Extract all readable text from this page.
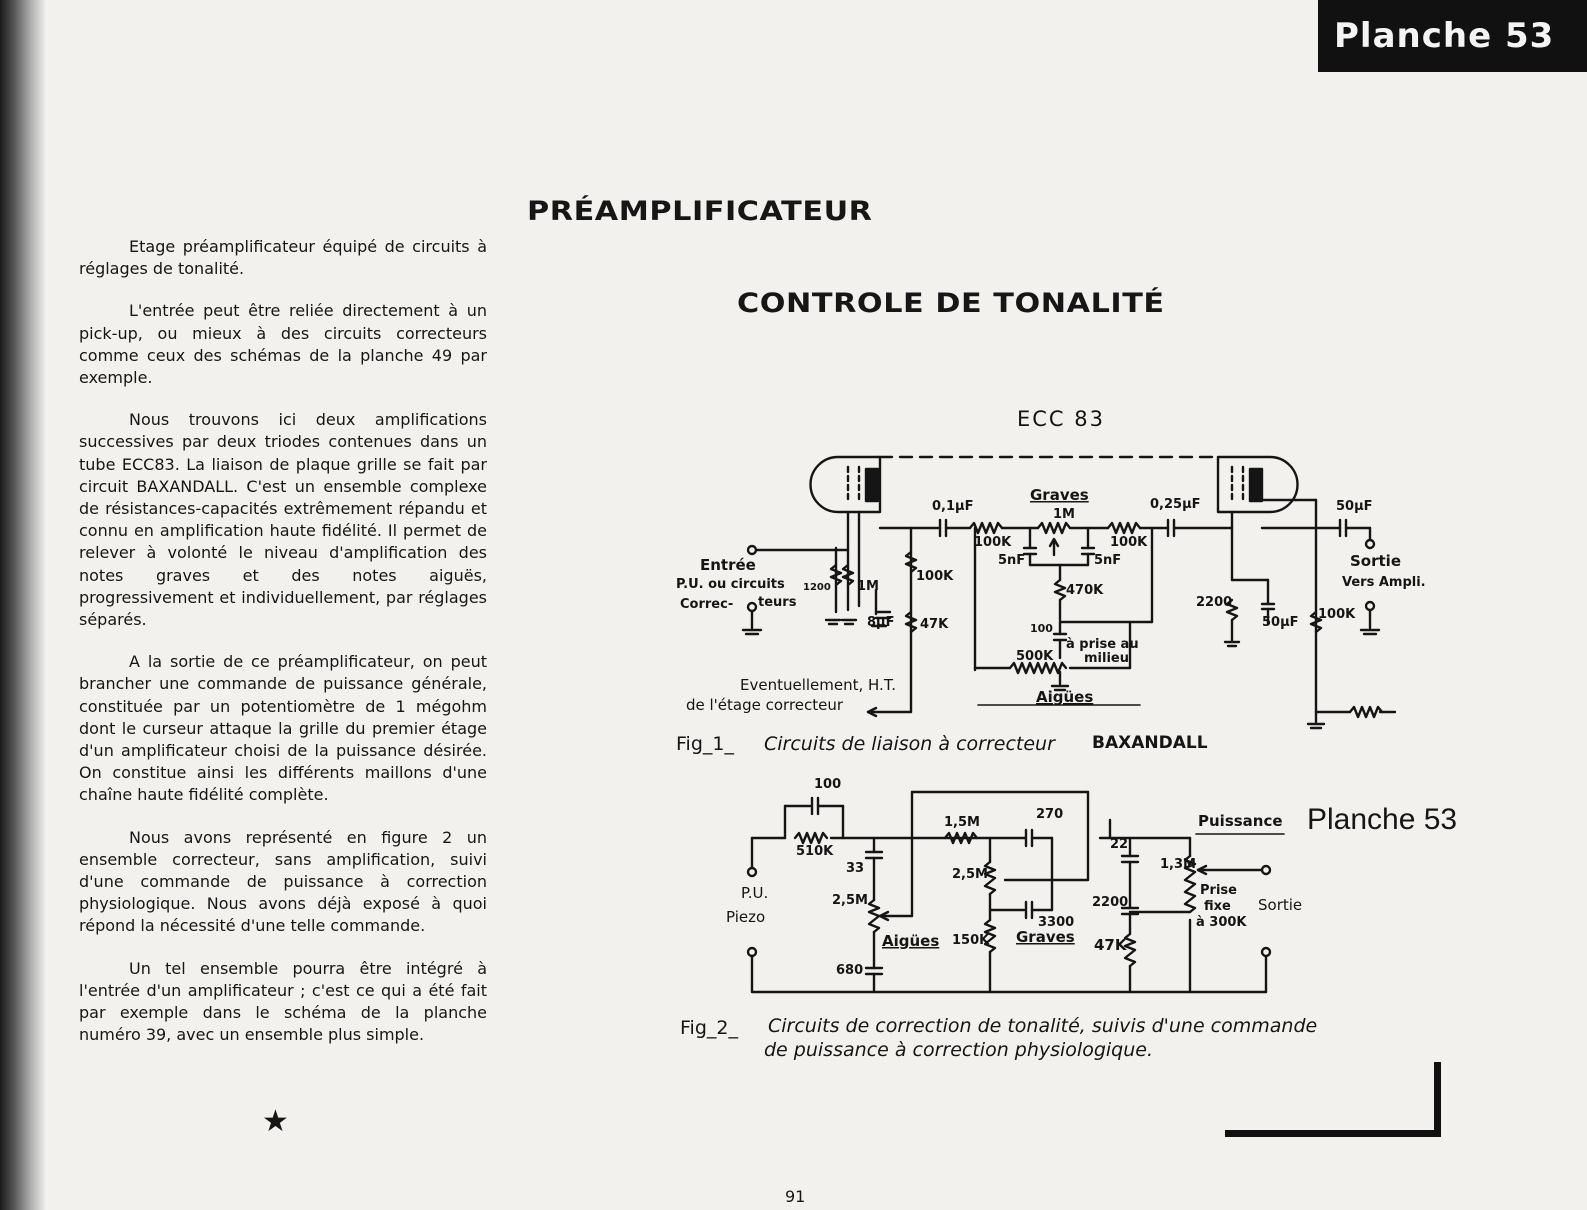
Planche 53
PRÉAMPLIFICATEUR
CONTROLE DE TONALITÉ

Etage préamplificateur équipé de circuits à réglages de tonalité.

L'entrée peut être reliée directement à un pick-up, ou mieux à des circuits correcteurs comme ceux des schémas de la planche 49 par exemple.

Nous trouvons ici deux amplifications successives par deux triodes contenues dans un tube ECC83. La liaison de plaque grille se fait par circuit BAXANDALL. C'est un ensemble complexe de résistances-capacités extrêmement répandu et connu en amplification haute fidélité. Il permet de relever à volonté le niveau d'amplification des notes graves et des notes aiguës, progressivement et individuellement, par réglages séparés.

A la sortie de ce préamplificateur, on peut brancher une commande de puissance générale, constituée par un potentiomètre de 1 mégohm dont le curseur attaque la grille du premier étage d'un amplificateur choisi de la puissance désirée. On constitue ainsi les différents maillons d'une chaîne haute fidélité complète.

Nous avons représenté en figure 2 un ensemble correcteur, sans amplification, suivi d'une commande de puissance à correction physiologique. Nous avons déjà exposé à quoi répond la nécessité d'une telle commande.

Un tel ensemble pourra être intégré à l'entrée d'un amplificateur ; c'est ce qui a été fait par exemple dans le schéma de la planche numéro 39, avec un ensemble plus simple.

★
ECC 83
Entrée
P.U. ou circuits
Correc- teurs
1200 1M
8μF
100K
47K
0,1μF
Graves
1M
0,25μF
100K	100K
5nF	5nF
470K
100
500K
à prise au
milieu
2200
50μF
100K
50μF
Sortie
Vers Ampli.
Eventuellement, H.T.
de l'étage correcteur	Aigües
Fig_1_ Circuits de liaison à correcteur BAXANDALL
100
510K
33
2,5M
680
P.U.
Piezo
Aigües
1,5M
270
2,5M
150K
3300
Graves
Puissance
22
1,3M
2200
47K
Prise
fixe
à 300K
Sortie
Fig_2_ Circuits de correction de tonalité, suivis d'une commande
de puissance à correction physiologique.
Planche 53
91
